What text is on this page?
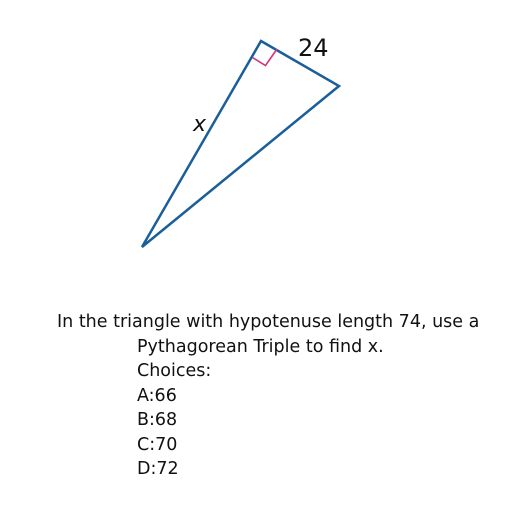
24
x
In the triangle with hypotenuse length 74, use a
Pythagorean Triple to find x.
Choices:
A:66
B:68
C:70
D:72
